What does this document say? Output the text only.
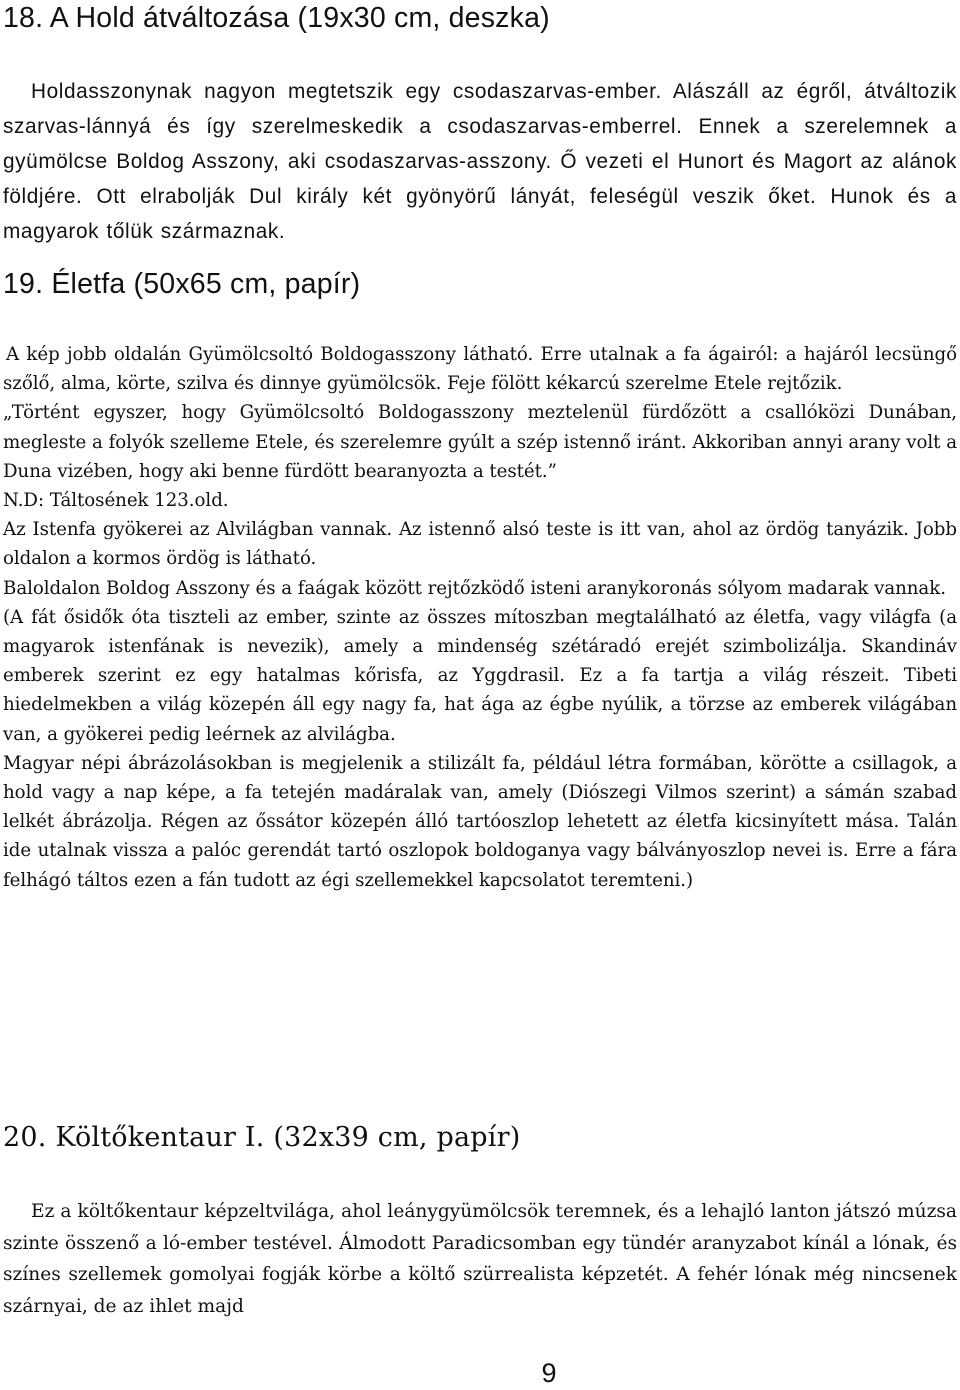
18. A Hold átváltozása (19x30 cm, deszka)

Holdasszonynak nagyon megtetszik egy csodaszarvas-ember. Alászáll az égről, átváltozik szarvas-lánnyá és így szerelmeskedik a csodaszarvas-emberrel. Ennek a szerelemnek a gyümölcse Boldog Asszony, aki csodaszarvas-asszony. Ő vezeti el Hunort és Magort az alánok földjére. Ott elrabolják Dul király két gyönyörű lányát, feleségül veszik őket. Hunok és a magyarok tőlük származnak.

19. Életfa (50x65 cm, papír)

A kép jobb oldalán Gyümölcsoltó Boldogasszony látható. Erre utalnak a fa ágairól: a hajáról lecsüngő szőlő, alma, körte, szilva és dinnye gyümölcsök. Feje fölött kékarcú szerelme Etele rejtőzik.

„Történt egyszer, hogy Gyümölcsoltó Boldogasszony meztelenül fürdőzött a csallóközi Dunában, megleste a folyók szelleme Etele, és szerelemre gyúlt a szép istennő iránt. Akkoriban annyi arany volt a Duna vizében, hogy aki benne fürdött bearanyozta a testét.”

N.D: Táltosének 123.old.

Az Istenfa gyökerei az Alvilágban vannak. Az istennő alsó teste is itt van, ahol az ördög tanyázik. Jobb oldalon a kormos ördög is látható.

Baloldalon Boldog Asszony és a faágak között rejtőzködő isteni aranykoronás sólyom madarak vannak.

(A fát ősidők óta tiszteli az ember, szinte az összes mítoszban megtalálható az életfa, vagy világfa (a magyarok istenfának is nevezik), amely a mindenség szétáradó erejét szimbolizálja. Skandináv emberek szerint ez egy hatalmas kőrisfa, az Yggdrasil. Ez a fa tartja a világ részeit. Tibeti hiedelmekben a világ közepén áll egy nagy fa, hat ága az égbe nyúlik, a törzse az emberek világában van, a gyökerei pedig leérnek az alvilágba.

Magyar népi ábrázolásokban is megjelenik a stilizált fa, például létra formában, körötte a csillagok, a hold vagy a nap képe, a fa tetején madáralak van, amely (Diószegi Vilmos szerint) a sámán szabad lelkét ábrázolja. Régen az őssátor közepén álló tartóoszlop lehetett az életfa kicsinyített mása. Talán ide utalnak vissza a palóc gerendát tartó oszlopok boldoganya vagy bálványoszlop nevei is. Erre a fára felhágó táltos ezen a fán tudott az égi szellemekkel kapcsolatot teremteni.)

20. Költőkentaur I. (32x39 cm, papír)

Ez a költőkentaur képzeltvilága, ahol leánygyümölcsök teremnek, és a lehajló lanton játszó múzsa szinte összenő a ló-ember testével. Álmodott Paradicsomban egy tündér aranyzabot kínál a lónak, és színes szellemek gomolyai fogják körbe a költő szürrealista képzetét. A fehér lónak még nincsenek szárnyai, de az ihlet majd

9
